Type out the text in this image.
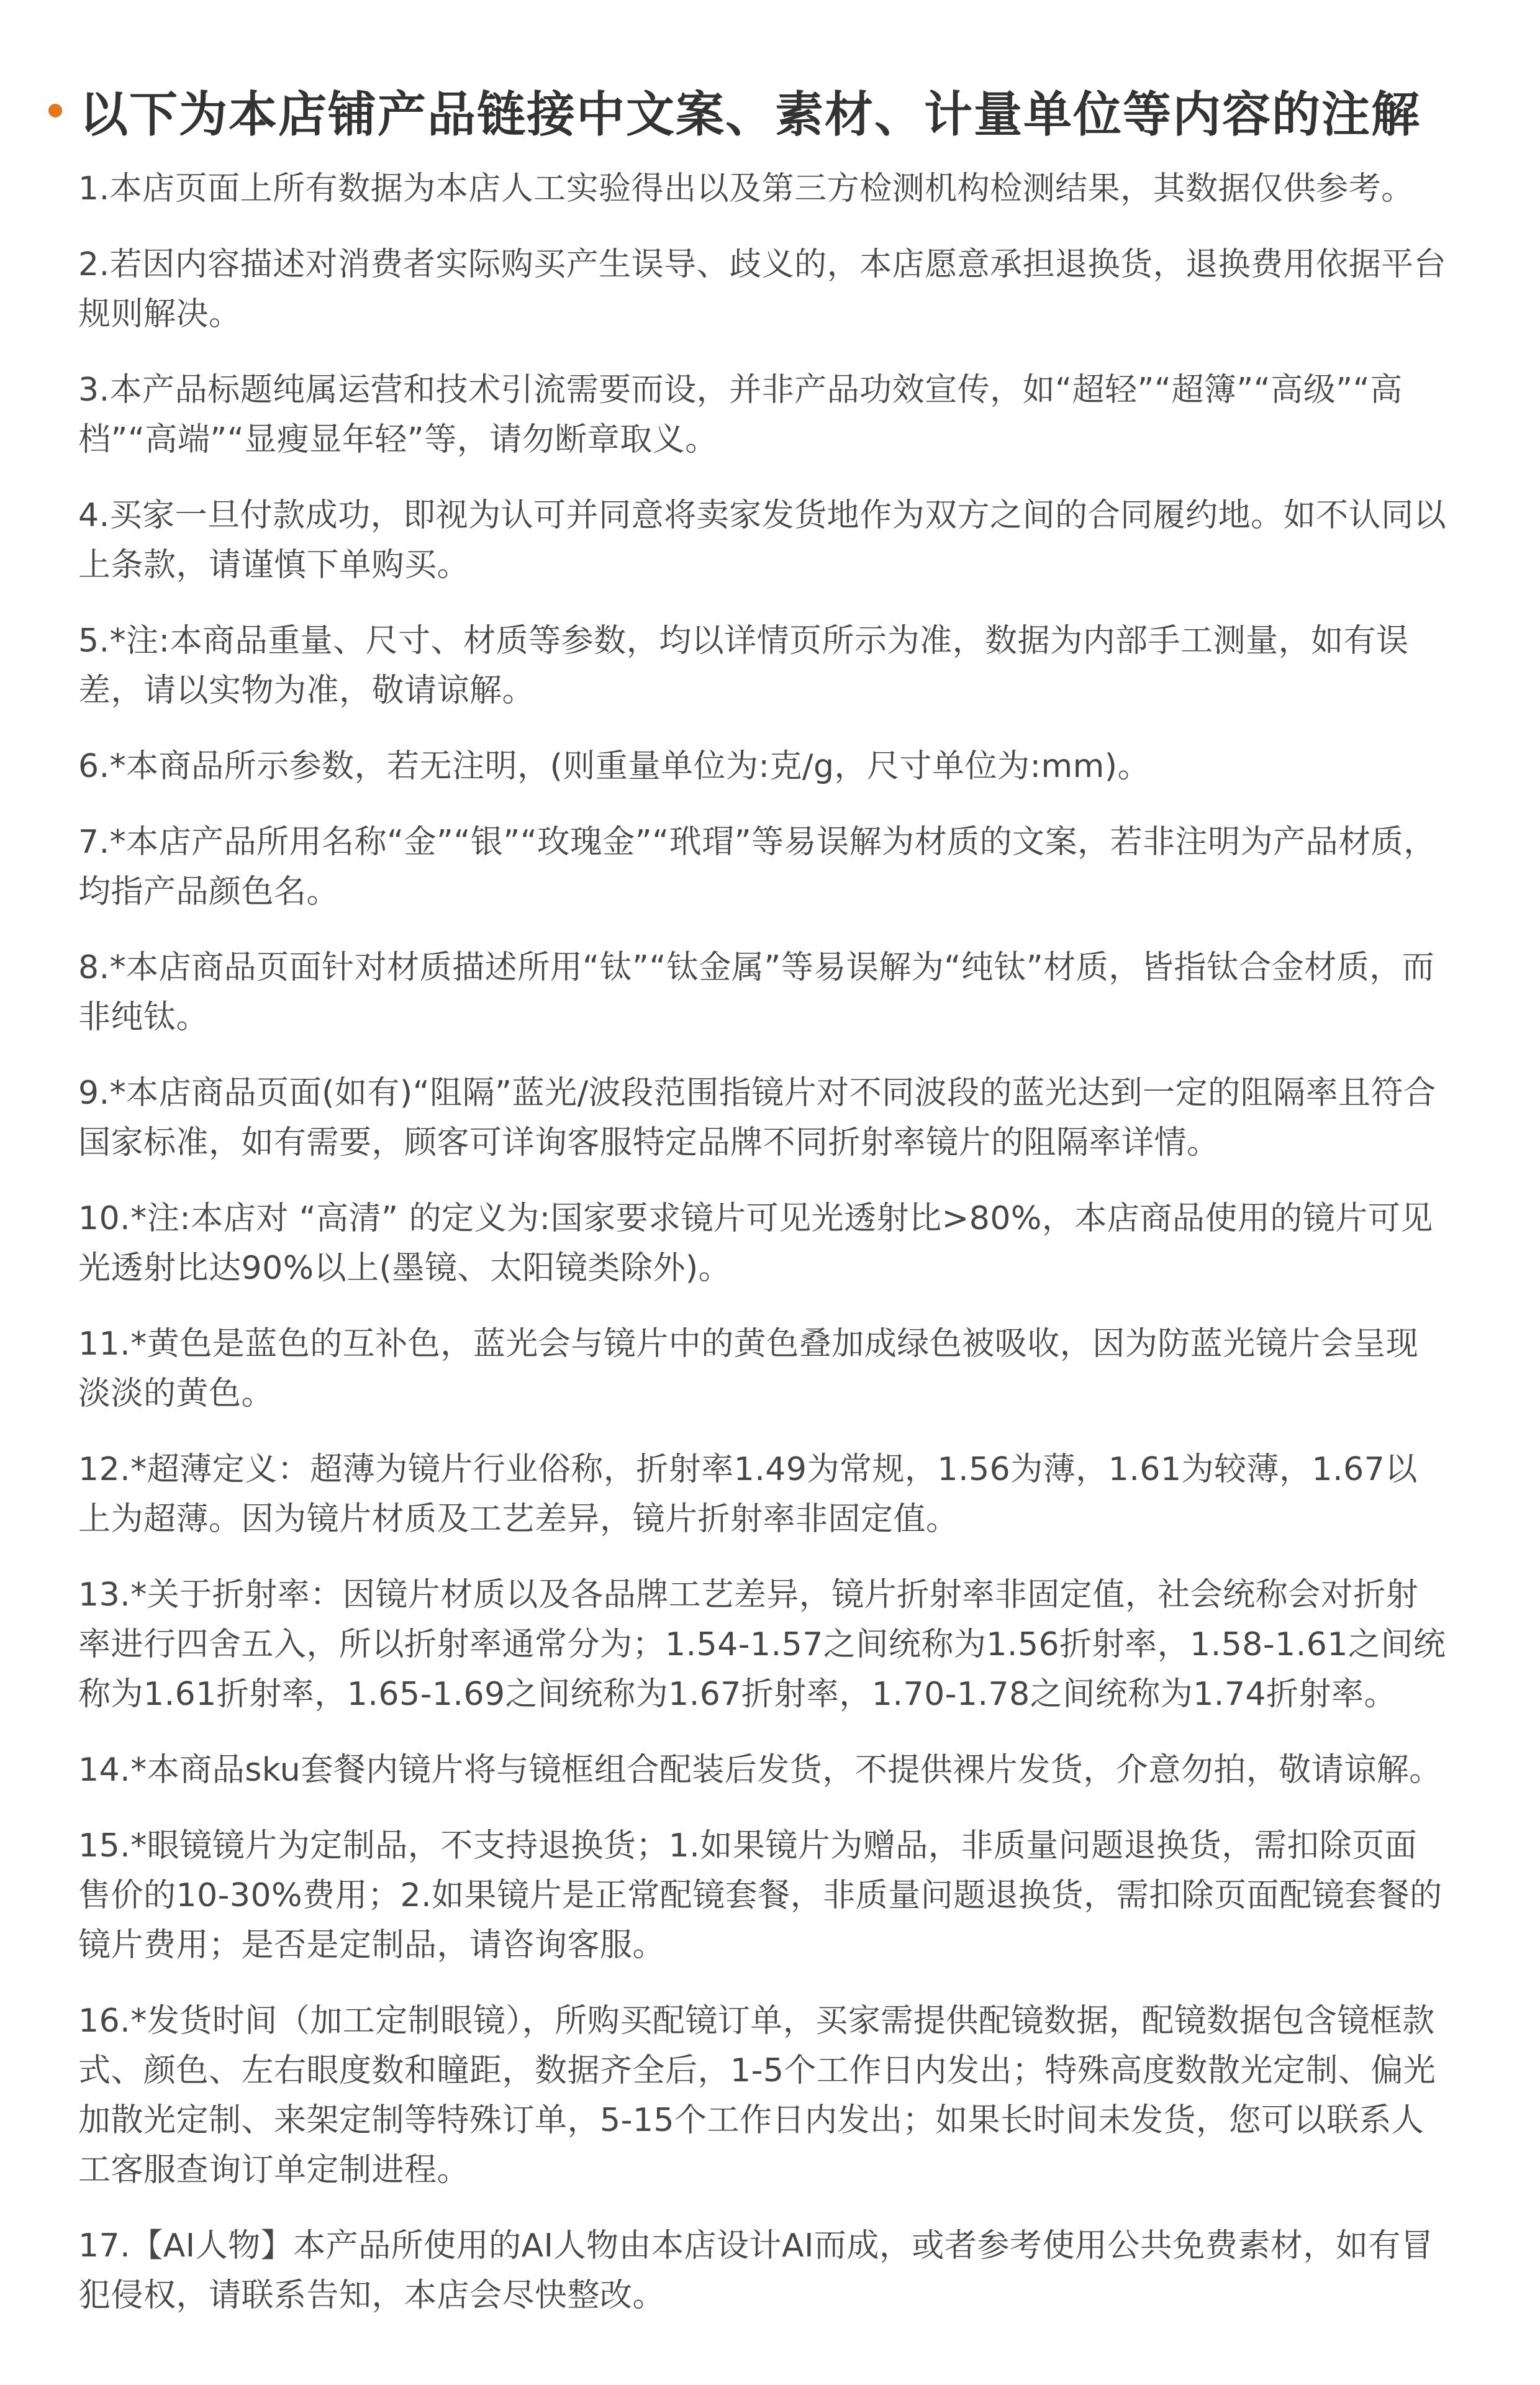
以下为本店铺产品链接中文案、素材、计量单位等内容的注解

1.本店页面上所有数据为本店人工实验得出以及第三方检测机构检测结果，其数据仅供参考。

2.若因内容描述对消费者实际购买产生误导、歧义的，本店愿意承担退换货，退换费用依据平台规则解决。

3.本产品标题纯属运营和技术引流需要而设，并非产品功效宣传，如“超轻”“超簿”“高级”“高档”“高端”“显瘦显年轻”等，请勿断章取义。

4.买家一旦付款成功，即视为认可并同意将卖家发货地作为双方之间的合同履约地。如不认同以上条款，请谨慎下单购买。

5.*注:本商品重量、尺寸、材质等参数，均以详情页所示为准，数据为内部手工测量，如有误差，请以实物为准，敬请谅解。

6.*本商品所示参数，若无注明，(则重量单位为:克/g，尺寸单位为:mm)。

7.*本店产品所用名称“金”“银”“玫瑰金”“玳瑁”等易误解为材质的文案，若非注明为产品材质，均指产品颜色名。

8.*本店商品页面针对材质描述所用“钛”“钛金属”等易误解为“纯钛”材质，皆指钛合金材质，而非纯钛。

9.*本店商品页面(如有)“阻隔”蓝光/波段范围指镜片对不同波段的蓝光达到一定的阻隔率且符合国家标准，如有需要，顾客可详询客服特定品牌不同折射率镜片的阻隔率详情。

10.*注:本店对 “高清” 的定义为:国家要求镜片可见光透射比>80%，本店商品使用的镜片可见光透射比达90%以上(墨镜、太阳镜类除外)。

11.*黄色是蓝色的互补色，蓝光会与镜片中的黄色叠加成绿色被吸收，因为防蓝光镜片会呈现淡淡的黄色。

12.*超薄定义：超薄为镜片行业俗称，折射率1.49为常规，1.56为薄，1.61为较薄，1.67以上为超薄。因为镜片材质及工艺差异，镜片折射率非固定值。

13.*关于折射率：因镜片材质以及各品牌工艺差异，镜片折射率非固定值，社会统称会对折射率进行四舍五入，所以折射率通常分为；1.54-1.57之间统称为1.56折射率，1.58-1.61之间统称为1.61折射率，1.65-1.69之间统称为1.67折射率，1.70-1.78之间统称为1.74折射率。

14.*本商品sku套餐内镜片将与镜框组合配装后发货，不提供裸片发货，介意勿拍，敬请谅解。

15.*眼镜镜片为定制品，不支持退换货；1.如果镜片为赠品，非质量问题退换货，需扣除页面售价的10-30%费用；2.如果镜片是正常配镜套餐，非质量问题退换货，需扣除页面配镜套餐的镜片费用；是否是定制品，请咨询客服。

16.*发货时间（加工定制眼镜），所购买配镜订单，买家需提供配镜数据，配镜数据包含镜框款式、颜色、左右眼度数和瞳距，数据齐全后，1-5个工作日内发出；特殊高度数散光定制、偏光加散光定制、来架定制等特殊订单，5-15个工作日内发出；如果长时间未发货，您可以联系人工客服查询订单定制进程。

17.【AI人物】本产品所使用的AI人物由本店设计AI而成，或者参考使用公共免费素材，如有冒犯侵权，请联系告知，本店会尽快整改。
